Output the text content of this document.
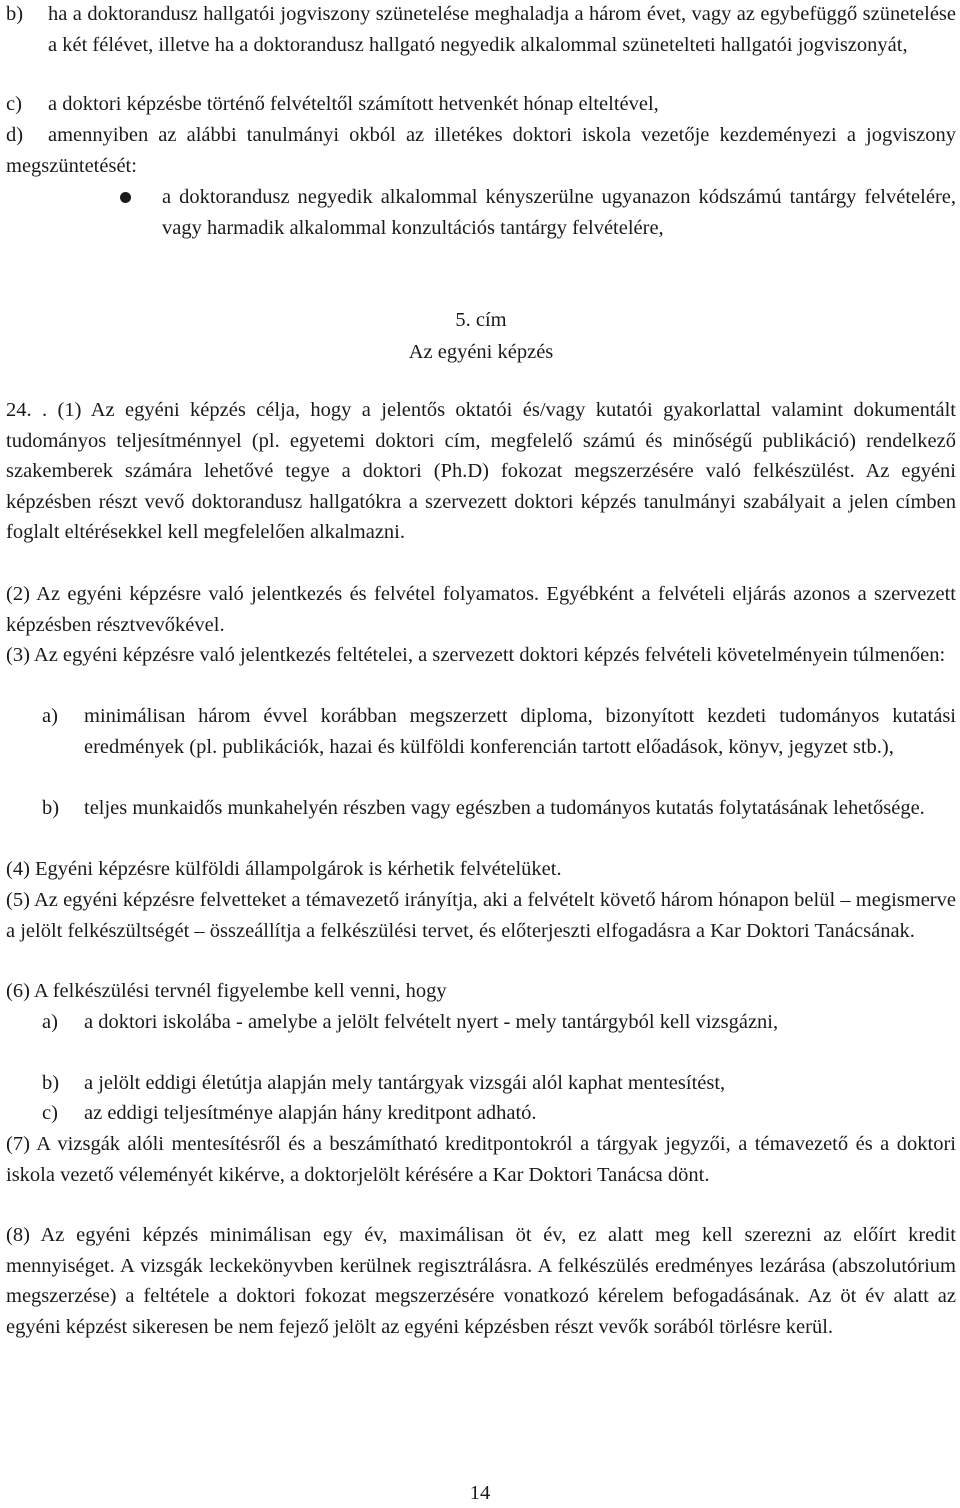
b)	ha a doktorandusz hallgatói jogviszony szünetelése meghaladja a három évet, vagy az egybefüggő szünetelése a két félévet, illetve ha a doktorandusz hallgató negyedik alkalommal szünetelteti hallgatói jogviszonyát,
c)	a doktori képzésbe történő felvételtől számított hetvenkét hónap elteltével,
d) amennyiben az alábbi tanulmányi okból az illetékes doktori iskola vezetője kezdeményezi a jogviszony megszüntetését:
a doktorandusz negyedik alkalommal kényszerülne ugyanazon kódszámú tantárgy felvételére, vagy harmadik alkalommal konzultációs tantárgy felvételére,
5. cím
Az egyéni képzés
24. . (1) Az egyéni képzés célja, hogy a jelentős oktatói és/vagy kutatói gyakorlattal valamint dokumentált tudományos teljesítménnyel (pl. egyetemi doktori cím, megfelelő számú és minőségű publikáció) rendelkező szakemberek számára lehetővé tegye a doktori (Ph.D) fokozat megszerzésére való felkészülést. Az egyéni képzésben részt vevő doktorandusz hallgatókra a szervezett doktori képzés tanulmányi szabályait a jelen címben foglalt eltérésekkel kell megfelelően alkalmazni.
(2) Az egyéni képzésre való jelentkezés és felvétel folyamatos. Egyébként a felvételi eljárás azonos a szervezett képzésben résztvevőkével.
(3) Az egyéni képzésre való jelentkezés feltételei, a szervezett doktori képzés felvételi követelményein túlmenően:
a)	minimálisan három évvel korábban megszerzett diploma, bizonyított kezdeti tudományos kutatási eredmények (pl. publikációk, hazai és külföldi konferencián tartott előadások, könyv, jegyzet stb.),
b)	teljes munkaidős munkahelyén részben vagy egészben a tudományos kutatás folytatásának lehetősége.
(4) Egyéni képzésre külföldi állampolgárok is kérhetik felvételüket.
(5) Az egyéni képzésre felvetteket a témavezető irányítja, aki a felvételt követő három hónapon belül – megismerve a jelölt felkészültségét – összeállítja a felkészülési tervet, és előterjeszti elfogadásra a Kar Doktori Tanácsának.
(6) A felkészülési tervnél figyelembe kell venni, hogy
a)	a doktori iskolába - amelybe a jelölt felvételt nyert - mely tantárgyból kell vizsgázni,
b)	a jelölt eddigi életútja alapján mely tantárgyak vizsgái alól kaphat mentesítést,
c)	az eddigi teljesítménye alapján hány kreditpont adható.
(7) A vizsgák alóli mentesítésről és a beszámítható kreditpontokról a tárgyak jegyzői, a témavezető és a doktori iskola vezető véleményét kikérve, a doktorjelölt kérésére a Kar Doktori Tanácsa dönt.
(8) Az egyéni képzés minimálisan egy év, maximálisan öt év, ez alatt meg kell szerezni az előírt kredit mennyiséget. A vizsgák leckekönyvben kerülnek regisztrálásra. A felkészülés eredményes lezárása (abszolutórium megszerzése) a feltétele a doktori fokozat megszerzésére vonatkozó kérelem befogadásának. Az öt év alatt az egyéni képzést sikeresen be nem fejező jelölt az egyéni képzésben részt vevők sorából törlésre kerül.
14
